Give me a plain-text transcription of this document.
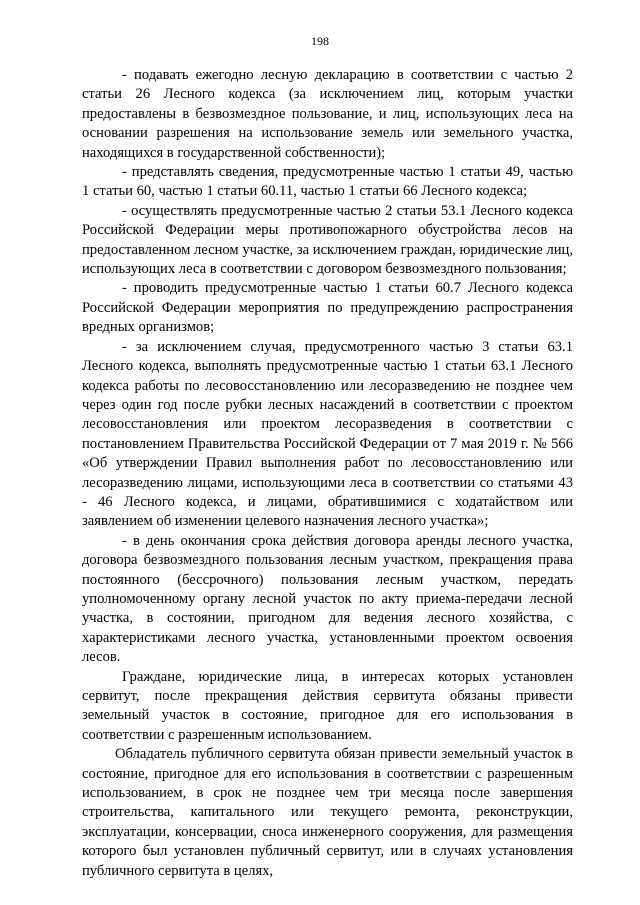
198

- подавать ежегодно лесную декларацию в соответствии с частью 2 статьи 26 Лесного кодекса (за исключением лиц, которым участки предоставлены в безвозмездное пользование, и лиц, использующих леса на основании разрешения на использование земель или земельного участка, находящихся в государственной собственности);

- представлять сведения, предусмотренные частью 1 статьи 49, частью 1 статьи 60, частью 1 статьи 60.11, частью 1 статьи 66 Лесного кодекса;

- осуществлять предусмотренные частью 2 статьи 53.1 Лесного кодекса Российской Федерации меры противопожарного обустройства лесов на предоставленном лесном участке, за исключением граждан, юридические лиц, использующих леса в соответствии с договором безвозмездного пользования;

- проводить предусмотренные частью 1 статьи 60.7 Лесного кодекса Российской Федерации мероприятия по предупреждению распространения вредных организмов;

- за исключением случая, предусмотренного частью 3 статьи 63.1 Лесного кодекса, выполнять предусмотренные частью 1 статьи 63.1 Лесного кодекса работы по лесовосстановлению или лесоразведению не позднее чем через один год после рубки лесных насаждений в соответствии с проектом лесовосстановления или проектом лесоразведения в соответствии с постановлением Правительства Российской Федерации от 7 мая 2019 г. № 566 «Об утверждении Правил выполнения работ по лесовосстановлению или лесоразведению лицами, использующими леса в соответствии со статьями 43 - 46 Лесного кодекса, и лицами, обратившимися с ходатайством или заявлением об изменении целевого назначения лесного участка»;

- в день окончания срока действия договора аренды лесного участка, договора безвозмездного пользования лесным участком, прекращения права постоянного (бессрочного) пользования лесным участком, передать уполномоченному органу лесной участок по акту приема-передачи лесной участка, в состоянии, пригодном для ведения лесного хозяйства, с характеристиками лесного участка, установленными проектом освоения лесов.

Граждане, юридические лица, в интересах которых установлен сервитут, после прекращения действия сервитута обязаны привести земельный участок в состояние, пригодное для его использования в соответствии с разрешенным использованием.

Обладатель публичного сервитута обязан привести земельный участок в состояние, пригодное для его использования в соответствии с разрешенным использованием, в срок не позднее чем три месяца после завершения строительства, капитального или текущего ремонта, реконструкции, эксплуатации, консервации, сноса инженерного сооружения, для размещения которого был установлен публичный сервитут, или в случаях установления публичного сервитута в целях,
